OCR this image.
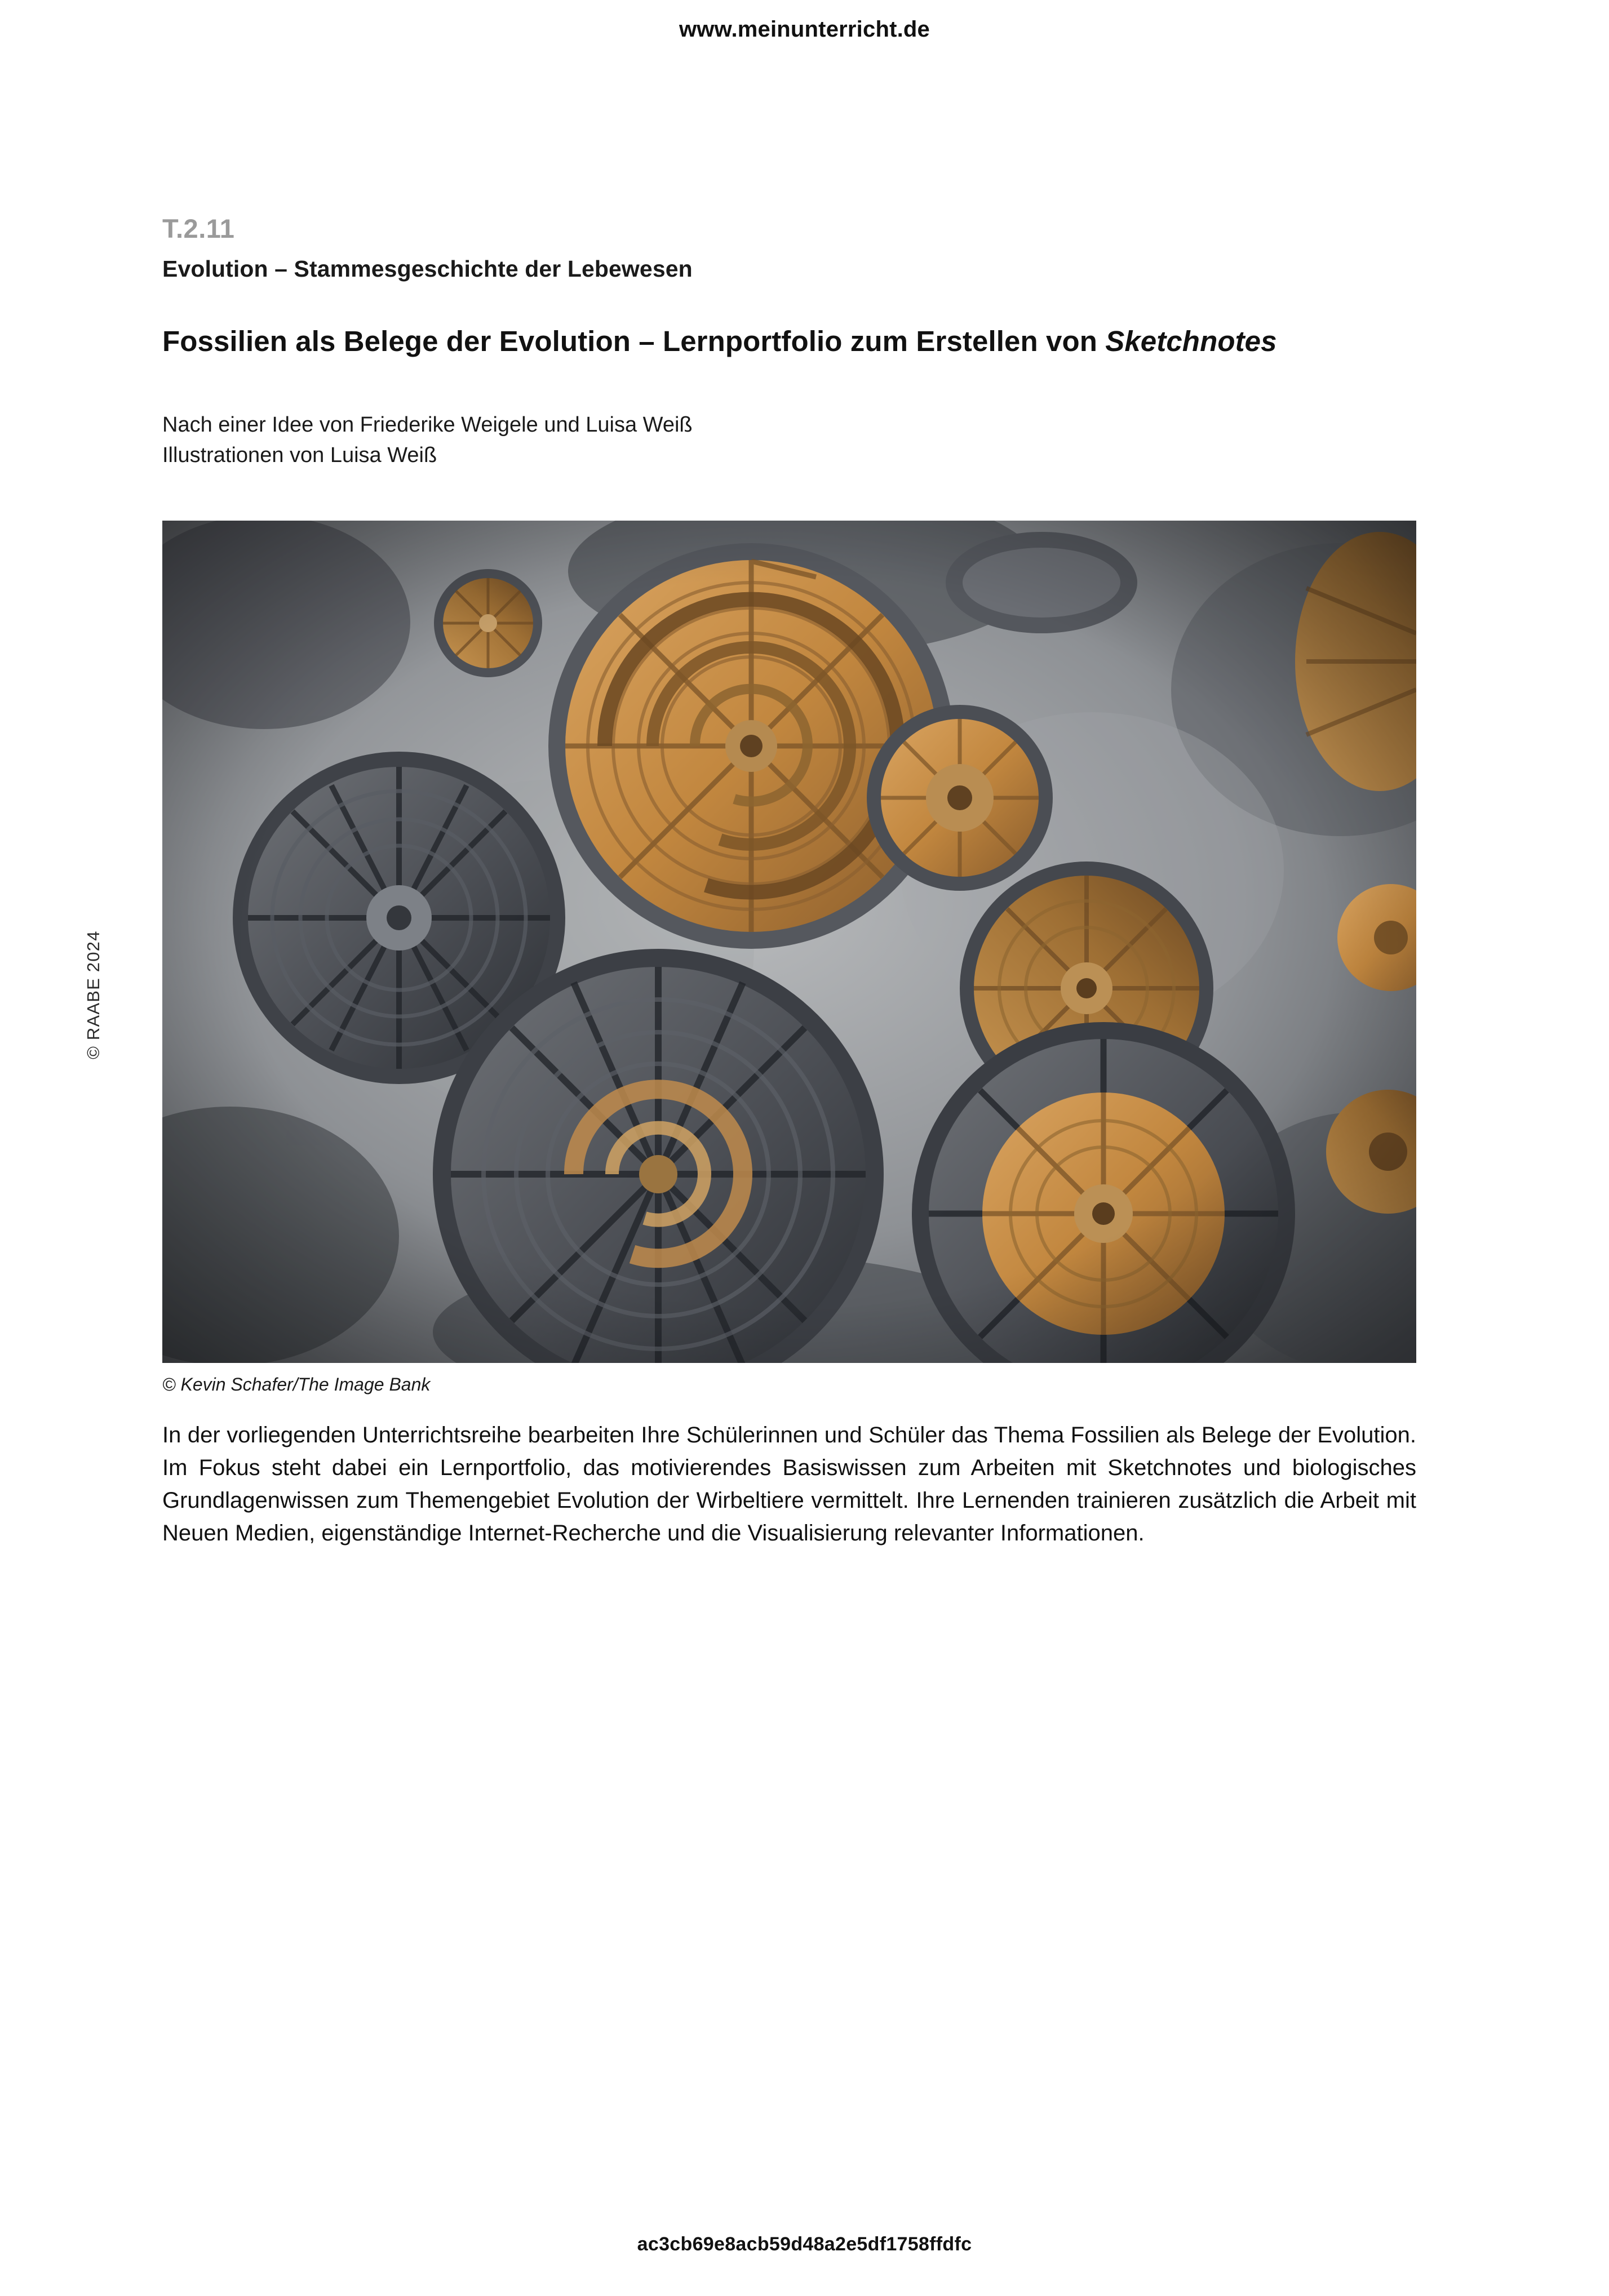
www.meinunterricht.de
© RAABE 2024
T.2.11
Evolution – Stammesgeschichte der Lebewesen
Fossilien als Belege der Evolution – Lernportfolio zum Erstellen von Sketchnotes
Nach einer Idee von Friederike Weigele und Luisa Weiß
Illustrationen von Luisa Weiß
© Kevin Schafer/The Image Bank

In der vorliegenden Unterrichtsreihe bearbeiten Ihre Schülerinnen und Schüler das Thema Fossilien als Belege der Evolution. Im Fokus steht dabei ein Lernportfolio, das motivierendes Basiswissen zum Arbeiten mit Sketchnotes und biologisches Grundlagenwissen zum Themengebiet Evolution der Wirbeltiere vermittelt. Ihre Lernenden trainieren zusätzlich die Arbeit mit Neuen Medien, eigenständige Internet-Recherche und die Visualisierung relevanter Informationen.

ac3cb69e8acb59d48a2e5df1758ffdfc
